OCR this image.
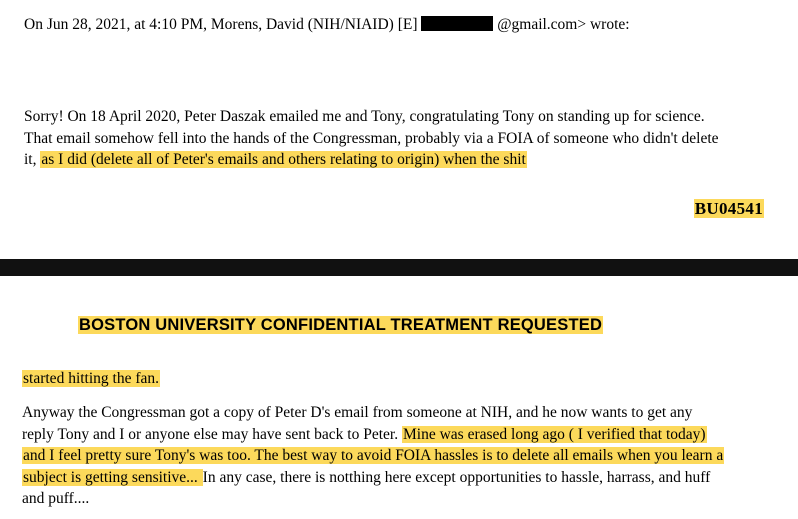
On Jun 28, 2021, at 4:10 PM, Morens, David (NIH/NIAID) [E]	@gmail.com> wrote:
Sorry! On 18 April 2020, Peter Daszak emailed me and Tony, congratulating Tony on standing up for science. That email somehow fell into the hands of the Congressman, probably via a FOIA of someone who didn't delete it, as I did (delete all of Peter's emails and others relating to origin) when the shit
BU04541
BOSTON UNIVERSITY CONFIDENTIAL TREATMENT REQUESTED
started hitting the fan.
Anyway the Congressman got a copy of Peter D's email from someone at NIH, and he now wants to get any reply Tony and I or anyone else may have sent back to Peter. Mine was erased long ago ( I verified that today) and I feel pretty sure Tony's was too. The best way to avoid FOIA hassles is to delete all emails when you learn a subject is getting sensitive... In any case, there is notthing here except opportunities to hassle, harrass, and huff and puff....
